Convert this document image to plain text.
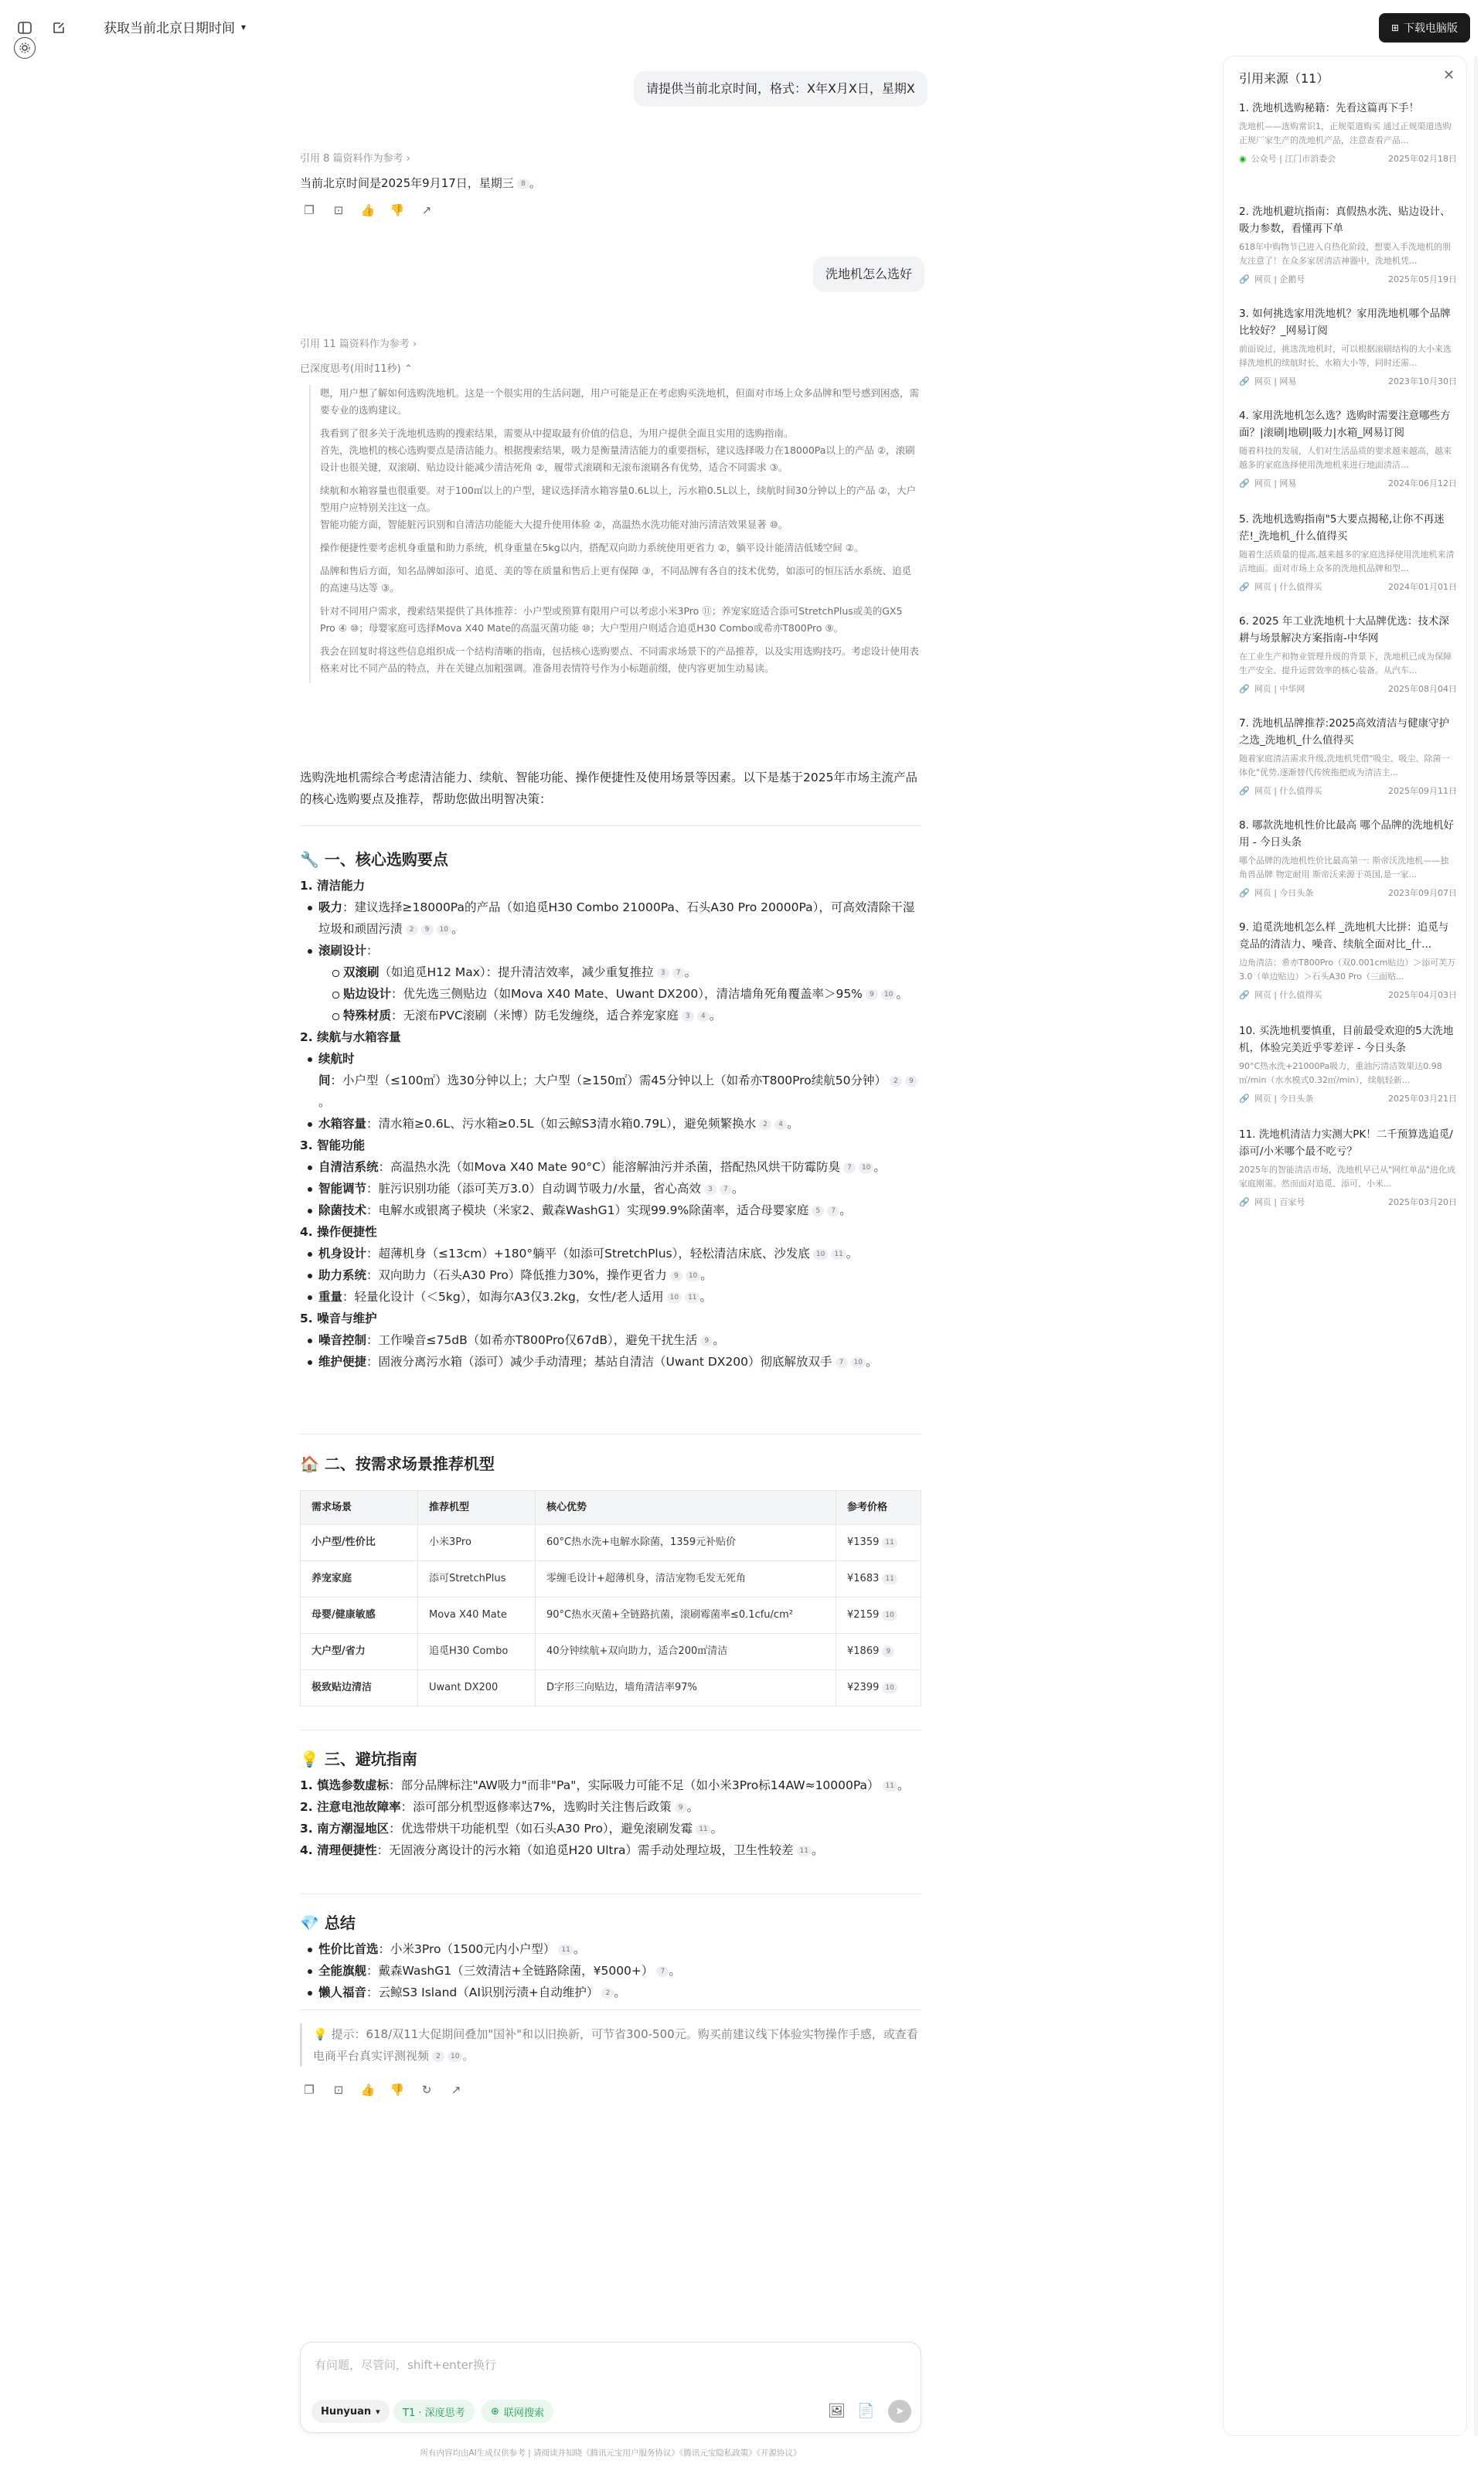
获取当前北京日期时间 ▾	⊞ 下载电脑版
请提供当前北京时间，格式：X年X月X日，星期X
引用 8 篇资料作为参考 ›
当前北京时间是2025年9月17日，星期三 8 。
❐ ⊡ 👍 👎 ↗
洗地机怎么选好
引用 11 篇资料作为参考 ›
已深度思考(用时11秒) ⌃

嗯，用户想了解如何选购洗地机。这是一个很实用的生活问题，用户可能是正在考虑购买洗地机，但面对市场上众多品牌和型号感到困惑，需要专业的选购建议。

我看到了很多关于洗地机选购的搜索结果，需要从中提取最有价值的信息，为用户提供全面且实用的选购指南。

首先，洗地机的核心选购要点是清洁能力。根据搜索结果，吸力是衡量清洁能力的重要指标，建议选择吸力在18000Pa以上的产品 ②，滚刷设计也很关键，双滚刷、贴边设计能减少清洁死角 ②，履带式滚刷和无滚布滚刷各有优势，适合不同需求 ③。

续航和水箱容量也很重要。对于100㎡以上的户型，建议选择清水箱容量0.6L以上，污水箱0.5L以上，续航时间30分钟以上的产品 ②，大户型用户应特别关注这一点。

智能功能方面，智能脏污识别和自清洁功能能大大提升使用体验 ②，高温热水洗功能对油污清洁效果显著 ⑩。

操作便捷性要考虑机身重量和助力系统，机身重量在5kg以内，搭配双向助力系统使用更省力 ②，躺平设计能清洁低矮空间 ②。

品牌和售后方面，知名品牌如添可、追觅、美的等在质量和售后上更有保障 ③，不同品牌有各自的技术优势，如添可的恒压活水系统、追觅的高速马达等 ③。

针对不同用户需求，搜索结果提供了具体推荐：小户型或预算有限用户可以考虑小米3Pro ⑪；养宠家庭适合添可StretchPlus或美的GX5 Pro ④ ⑩；母婴家庭可选择Mova X40 Mate的高温灭菌功能 ⑩；大户型用户则适合追觅H30 Combo或希亦T800Pro ⑨。

我会在回复时将这些信息组织成一个结构清晰的指南，包括核心选购要点、不同需求场景下的产品推荐，以及实用选购技巧。考虑设计使用表格来对比不同产品的特点，并在关键点加粗强调。准备用表情符号作为小标题前缀，使内容更加生动易读。

选购洗地机需综合考虑清洁能力、续航、智能功能、操作便捷性及使用场景等因素。以下是基于2025年市场主流产品的核心选购要点及推荐，帮助您做出明智决策：
🔧 一、核心选购要点
1. 清洁能力
吸力：建议选择≥18000Pa的产品（如追觅H30 Combo 21000Pa、石头A30 Pro 20000Pa），可高效清除干湿垃圾和顽固污渍 2 9 10 。
滚刷设计：
双滚刷（如追觅H12 Max）：提升清洁效率，减少重复推拉 3 7 。
贴边设计：优先选三侧贴边（如Mova X40 Mate、Uwant DX200），清洁墙角死角覆盖率＞95% 9 10 。
特殊材质：无滚布PVC滚刷（米博）防毛发缠绕，适合养宠家庭 3 4 。
2. 续航与水箱容量
续航时间：小户型（≤100㎡）选30分钟以上；大户型（≥150㎡）需45分钟以上（如希亦T800Pro续航50分钟） 2 9。
水箱容量：清水箱≥0.6L、污水箱≥0.5L（如云鲸S3清水箱0.79L），避免频繁换水 2 4 。
3. 智能功能
自清洁系统：高温热水洗（如Mova X40 Mate 90°C）能溶解油污并杀菌，搭配热风烘干防霉防臭 7 10 。
智能调节：脏污识别功能（添可芙万3.0）自动调节吸力/水量，省心高效 3 7 。
除菌技术：电解水或银离子模块（米家2、戴森WashG1）实现99.9%除菌率，适合母婴家庭 5 7 。
4. 操作便捷性
机身设计：超薄机身（≤13cm）+180°躺平（如添可StretchPlus），轻松清洁床底、沙发底 10 11 。
助力系统：双向助力（石头A30 Pro）降低推力30%，操作更省力 9 10 。
重量：轻量化设计（＜5kg），如海尔A3仅3.2kg，女性/老人适用 10 11 。
5. 噪音与维护
噪音控制：工作噪音≤75dB（如希亦T800Pro仅67dB），避免干扰生活 9 。
维护便捷：固液分离污水箱（添可）减少手动清理；基站自清洁（Uwant DX200）彻底解放双手 7 10 。
🏠 二、按需求场景推荐机型
需求场景	推荐机型	核心优势	参考价格
小户型/性价比	小米3Pro	60°C热水洗+电解水除菌，1359元补贴价	¥1359 11
养宠家庭	添可StretchPlus	零缠毛设计+超薄机身，清洁宠物毛发无死角	¥1683 11
母婴/健康敏感	Mova X40 Mate	90°C热水灭菌+全链路抗菌，滚刷霉菌率≤0.1cfu/cm²	¥2159 10
大户型/省力	追觅H30 Combo	40分钟续航+双向助力，适合200㎡清洁	¥1869 9
极致贴边清洁	Uwant DX200	D字形三向贴边，墙角清洁率97%	¥2399 10
💡 三、避坑指南
1. 慎选参数虚标：部分品牌标注"AW吸力"而非"Pa"，实际吸力可能不足（如小米3Pro标14AW≈10000Pa） 11 。
2. 注意电池故障率：添可部分机型返修率达7%，选购时关注售后政策 9 。
3. 南方潮湿地区：优选带烘干功能机型（如石头A30 Pro），避免滚刷发霉 11 。
4. 清理便捷性：无固液分离设计的污水箱（如追觅H20 Ultra）需手动处理垃圾，卫生性较差 11 。
💎 总结
性价比首选：小米3Pro（1500元内小户型） 11 。
全能旗舰：戴森WashG1（三效清洁+全链路除菌，¥5000+） 7 。
懒人福音：云鲸S3 Island（AI识别污渍+自动维护） 2 。
💡 提示：618/双11大促期间叠加"国补"和以旧换新，可节省300-500元。购买前建议线下体验实物操作手感，或查看电商平台真实评测视频 2 10 。
❐ ⊡ 👍 👎 ↻ ↗
有问题，尽管问，shift+enter换行
Hunyuan ▾ T1 · 深度思考	⊕ 联网搜索	🖼 📄	➤
所有内容均由AI生成仅供参考 | 请阅读并知晓《腾讯元宝用户服务协议》《腾讯元宝隐私政策》《开源协议》
引用来源（11）	✕
1. 洗地机选购秘籍：先看这篇再下手！
洗地机——选购常识1，正规渠道购买 通过正规渠道选购正规厂家生产的洗地机产品，注意查看产品...
◉ 公众号 | 江门市消委会	2025年02月18日
2. 洗地机避坑指南：真假热水洗、贴边设计、吸力参数，看懂再下单
618年中购物节已进入自热化阶段，想要入手洗地机的朋友注意了！在众多家居清洁神器中，洗地机凭...
🔗 网页 | 企鹅号	2025年05月19日
3. 如何挑选家用洗地机？家用洗地机哪个品牌比较好？_网易订阅
前面说过，挑选洗地机时，可以根据滚刷结构的大小来选择洗地机的续航时长、水箱大小等，同时还需...
🔗 网页 | 网易	2023年10月30日
4. 家用洗地机怎么选？选购时需要注意哪些方面？|滚刷|地刷|吸力|水箱_网易订阅
随着科技的发展，人们对生活品质的要求越来越高，越来越多的家庭选择使用洗地机来进行地面清洁...
🔗 网页 | 网易	2024年06月12日
5. 洗地机选购指南"5大要点揭秘,让你不再迷茫!_洗地机_什么值得买
随着生活质量的提高,越来越多的家庭选择使用洗地机来清洁地面。面对市场上众多的洗地机品牌和型...
🔗 网页 | 什么值得买	2024年01月01日
6. 2025 年工业洗地机十大品牌优选：技术深耕与场景解决方案指南-中华网
在工业生产和物业管理升级的背景下，洗地机已成为保障生产安全、提升运营效率的核心装备。从汽车...
🔗 网页 | 中华网	2025年08月04日
7. 洗地机品牌推荐:2025高效清洁与健康守护之选_洗地机_什么值得买
随着家庭清洁需求升级,洗地机凭借"吸尘、吸尘、除菌一体化"优势,逐渐替代传统拖把成为清洁主...
🔗 网页 | 什么值得买	2025年09月11日
8. 哪款洗地机性价比最高 哪个品牌的洗地机好用 - 今日头条
哪个品牌的洗地机性价比最高第一: 斯帝沃洗地机——独角兽品牌 物定耐用 斯帝沃来源于英国,是一家...
🔗 网页 | 今日头条	2023年09月07日
9. 追觅洗地机怎么样 _洗地机大比拼：追觅与竞品的清洁力、噪音、续航全面对比_什...
边角清洁：希亦T800Pro（双0.001cm贴边）＞添可芙万3.0（单边贴边）＞石头A30 Pro（三面贴...
🔗 网页 | 什么值得买	2025年04月03日
10. 买洗地机要慎重，目前最受欢迎的5大洗地机，体验完美近乎零差评 - 今日头条
90°C热水洗+21000Pa吸力，重油污清洁效果达0.98㎡/min（水水模式0.32㎡/min），续航轻新...
🔗 网页 | 今日头条	2025年03月21日
11. 洗地机清洁力实测大PK！二千预算选追觅/添可/小米哪个最不吃亏？
2025年的智能清洁市场，洗地机早已从"网红单品"进化成家庭刚需。然而面对追觅、添可、小米...
🔗 网页 | 百家号	2025年03月20日
